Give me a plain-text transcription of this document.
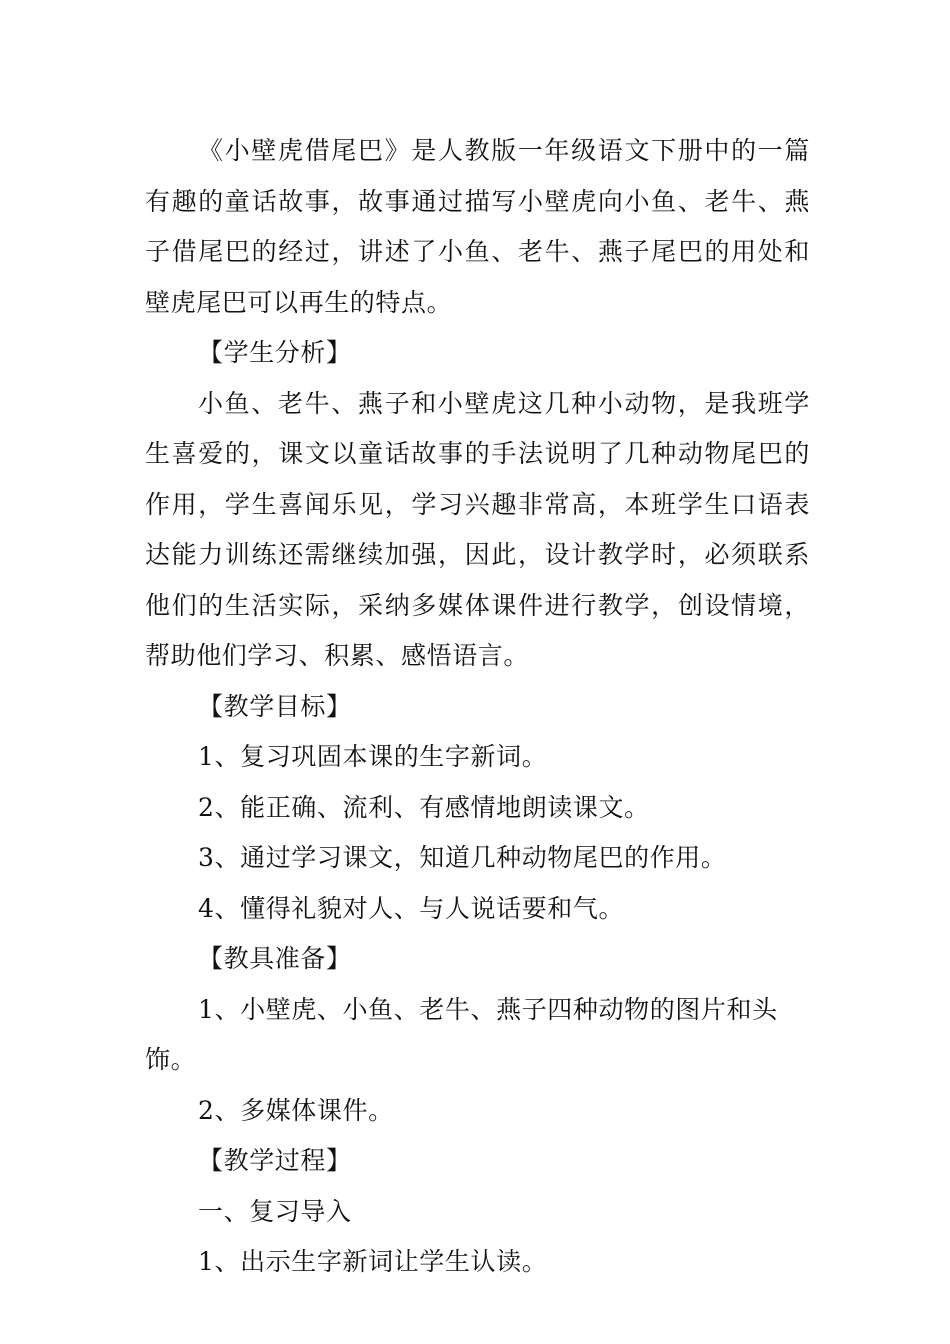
《小壁虎借尾巴》是人教版一年级语文下册中的一篇有趣的童话故事，故事通过描写小壁虎向小鱼、老牛、燕子借尾巴的经过，讲述了小鱼、老牛、燕子尾巴的用处和壁虎尾巴可以再生的特点。

【学生分析】

小鱼、老牛、燕子和小壁虎这几种小动物，是我班学生喜爱的，课文以童话故事的手法说明了几种动物尾巴的作用，学生喜闻乐见，学习兴趣非常高，本班学生口语表达能力训练还需继续加强，因此，设计教学时，必须联系他们的生活实际，采纳多媒体课件进行教学，创设情境，帮助他们学习、积累、感悟语言。

【教学目标】

1、复习巩固本课的生字新词。

2、能正确、流利、有感情地朗读课文。

3、通过学习课文，知道几种动物尾巴的作用。

4、懂得礼貌对人、与人说话要和气。

【教具准备】

1、小壁虎、小鱼、老牛、燕子四种动物的图片和头饰。

2、多媒体课件。

【教学过程】

一、复习导入

1、出示生字新词让学生认读。
